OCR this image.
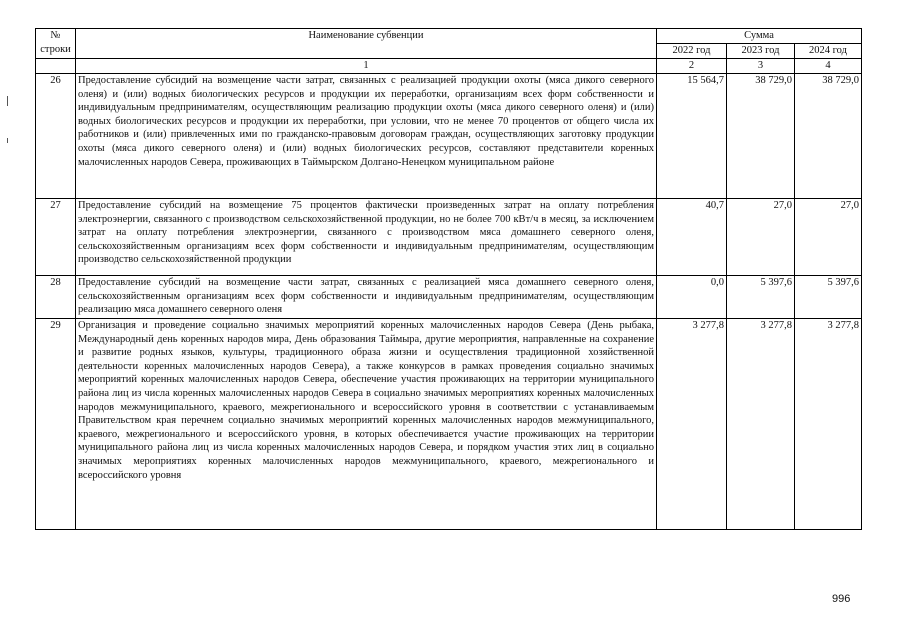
№
строки	Наименование субвенции	Сумма		
		2022 год	2023 год	2024 год
	1	2	3	4
26	Предоставление субсидий на возмещение части затрат, связанных с реализацией продукции охоты (мяса дикого северного оленя) и (или) водных биологических ресурсов и продукции их переработки, организациям всех форм собственности и индивидуальным предпринимателям, осуществляющим реализацию продукции охоты (мяса дикого северного оленя) и (или) водных биологических ресурсов и продукции их переработки, при условии, что не менее 70 процентов от общего числа их работников и (или) привлеченных ими по гражданско-правовым договорам граждан, осуществляющих заготовку продукции охоты (мяса дикого северного оленя) и (или) водных биологических ресурсов, составляют представители коренных малочисленных народов Севера, проживающих в Таймырском Долгано-Ненецком муниципальном районе	15 564,7	38 729,0	38 729,0
27	Предоставление субсидий на возмещение 75 процентов фактически произведенных затрат на оплату потребления электроэнергии, связанного с производством сельскохозяйственной продукции, но не более 700 кВт/ч в месяц, за исключением затрат на оплату потребления электроэнергии, связанного с производством мяса домашнего северного оленя, сельскохозяйственным организациям всех форм собственности и индивидуальным предпринимателям, осуществляющим производство сельскохозяйственной продукции	40,7	27,0	27,0
28	Предоставление субсидий на возмещение части затрат, связанных с реализацией мяса домашнего северного оленя, сельскохозяйственным организациям всех форм собственности и индивидуальным предпринимателям, осуществляющим реализацию мяса домашнего северного оленя	0,0	5 397,6	5 397,6
29	Организация и проведение социально значимых мероприятий коренных малочисленных народов Севера (День рыбака, Международный день коренных народов мира, День образования Таймыра, другие мероприятия, направленные на сохранение и развитие родных языков, культуры, традиционного образа жизни и осуществления традиционной хозяйственной деятельности коренных малочисленных народов Севера), а также конкурсов в рамках проведения социально значимых мероприятий коренных малочисленных народов Севера, обеспечение участия проживающих на территории муниципального района лиц из числа коренных малочисленных народов Севера в социально значимых мероприятиях коренных малочисленных народов межмуниципального, краевого, межрегионального и всероссийского уровня в соответствии с устанавливаемым Правительством края перечнем социально значимых мероприятий коренных малочисленных народов межмуниципального, краевого, межрегионального и всероссийского уровня, в которых обеспечивается участие проживающих на территории муниципального района лиц из числа коренных малочисленных народов Севера, и порядком участия этих лиц в социально значимых мероприятиях коренных малочисленных народов межмуниципального, краевого, межрегионального и всероссийского уровня	3 277,8	3 277,8	3 277,8
996
